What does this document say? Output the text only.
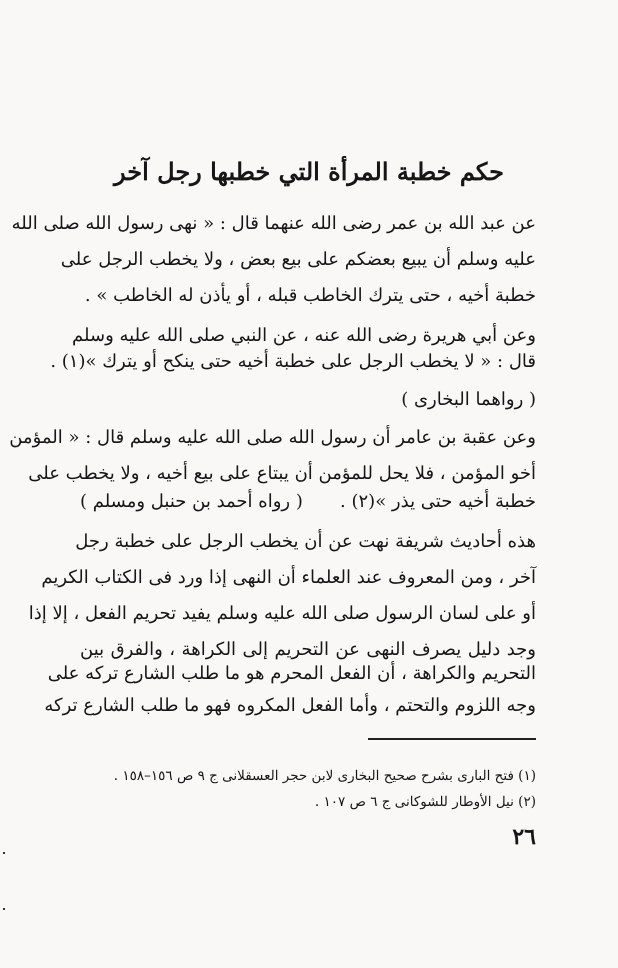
حكم خطبة المرأة التي خطبها رجل آخر

عن عبد الله بن عمر رضى الله عنهما قال : « نهى رسول الله صلى الله

عليه وسلم أن يبيع بعضكم على بيع بعض ، ولا يخطب الرجل على

خطبة أخيه ، حتى يترك الخاطب قبله ، أو يأذن له الخاطب » .

وعن أبي هريرة رضى الله عنه ، عن النبي صلى الله عليه وسلم

قال : « لا يخطب الرجل على خطبة أخيه حتى ينكح أو يترك »(١) .

( رواهما البخارى )

وعن عقبة بن عامر أن رسول الله صلى الله عليه وسلم قال : « المؤمن

أخو المؤمن ، فلا يحل للمؤمن أن يبتاع على بيع أخيه ، ولا يخطب على

خطبة أخيه حتى يذر »(٢) .
( رواه أحمد بن حنبل ومسلم )

هذه أحاديث شريفة نهت عن أن يخطب الرجل على خطبة رجل

آخر ، ومن المعروف عند العلماء أن النهى إذا ورد فى الكتاب الكريم

أو على لسان الرسول صلى الله عليه وسلم يفيد تحريم الفعل ، إلا إذا

وجد دليل يصرف النهى عن التحريم إلى الكراهة ، والفرق بين

التحريم والكراهة ، أن الفعل المحرم هو ما طلب الشارع تركه على

وجه اللزوم والتحتم ، وأما الفعل المكروه فهو ما طلب الشارع تركه

(١) فتح البارى بشرح صحيح البخارى لابن حجر العسقلانى ج ٩ ص ١٥٦–١٥٨ .

(٢) نيل الأوطار للشوكانى ج ٦ ص ١٠٧ .

٢٦
